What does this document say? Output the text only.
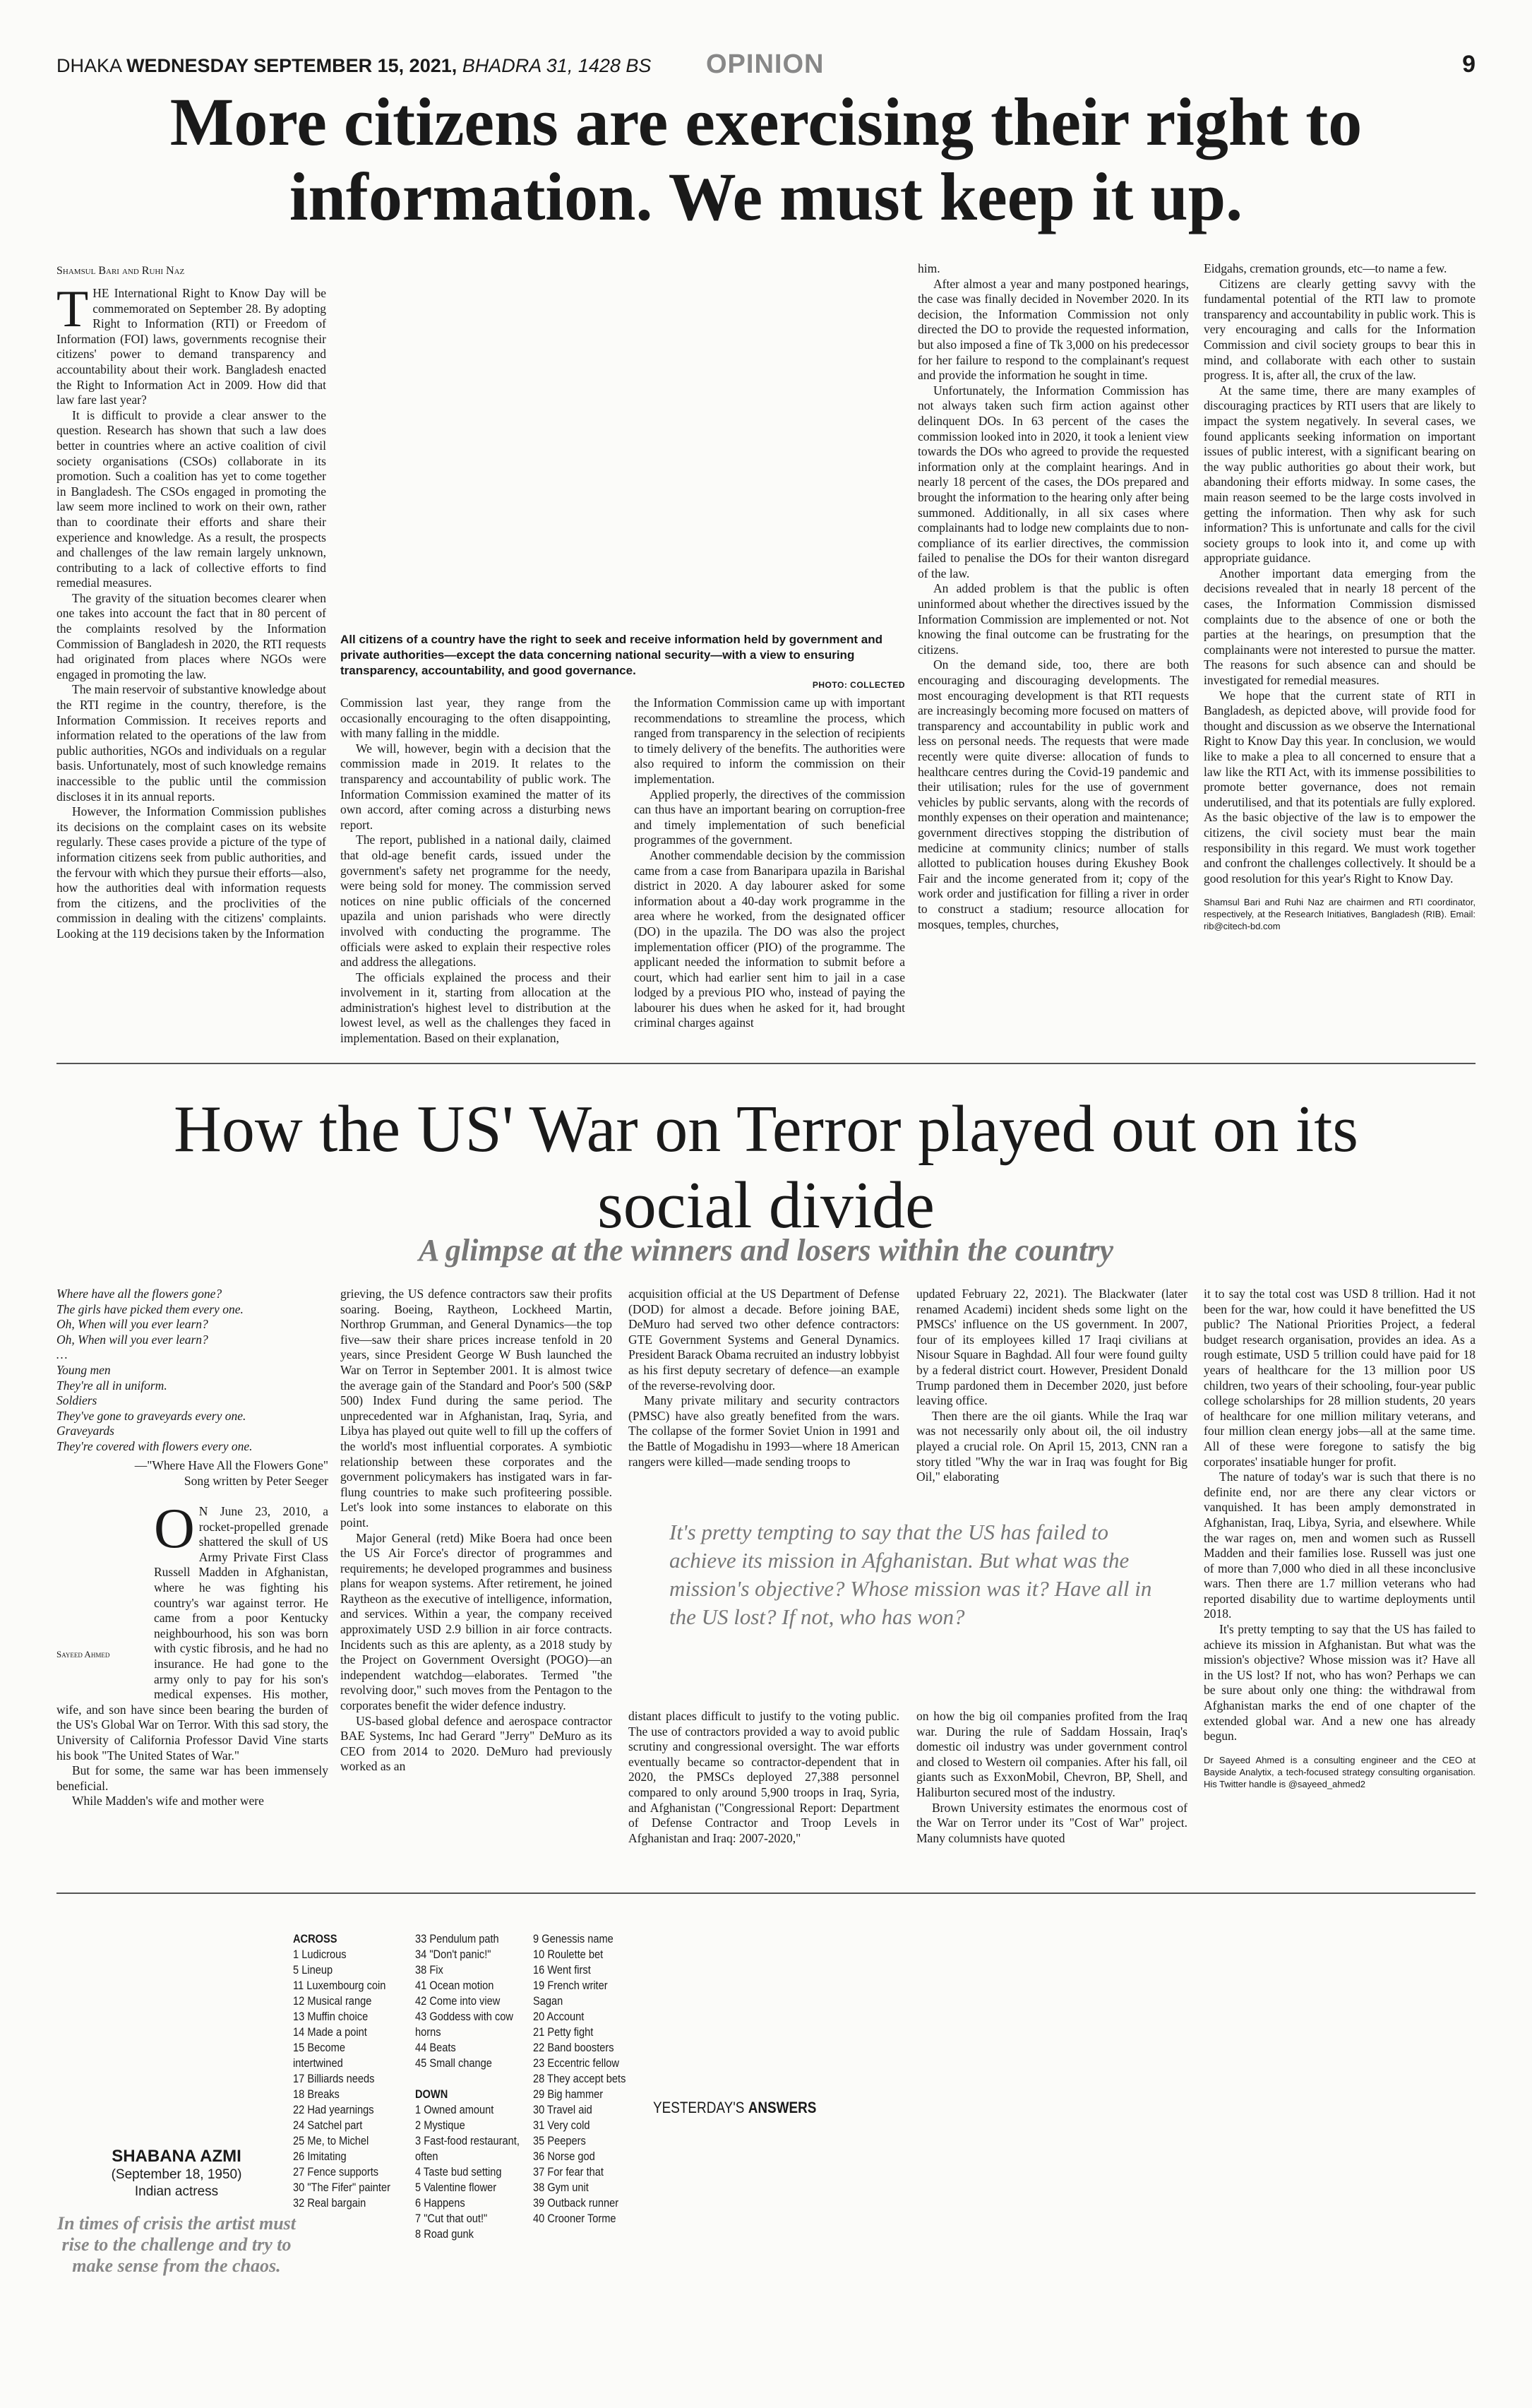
DHAKA WEDNESDAY SEPTEMBER 15, 2021, BHADRA 31, 1428 BS OPINION	9
More citizens are exercising their right to information. We must keep it up.
Shamsul Bari and Ruhi Naz

THE International Right to Know Day will be commemorated on September 28. By adopting Right to Information (RTI) or Freedom of Information (FOI) laws, governments recognise their citizens' power to demand transparency and accountability about their work. Bangladesh enacted the Right to Information Act in 2009. How did that law fare last year?

It is difficult to provide a clear answer to the question. Research has shown that such a law does better in countries where an active coalition of civil society organisations (CSOs) collaborate in its promotion. Such a coalition has yet to come together in Bangladesh. The CSOs engaged in promoting the law seem more inclined to work on their own, rather than to coordinate their efforts and share their experience and knowledge. As a result, the prospects and challenges of the law remain largely unknown, contributing to a lack of collective efforts to find remedial measures.

The gravity of the situation becomes clearer when one takes into account the fact that in 80 percent of the complaints resolved by the Information Commission of Bangladesh in 2020, the RTI requests had originated from places where NGOs were engaged in promoting the law.

The main reservoir of substantive knowledge about the RTI regime in the country, therefore, is the Information Commission. It receives reports and information related to the operations of the law from public authorities, NGOs and individuals on a regular basis. Unfortunately, most of such knowledge remains inaccessible to the public until the commission discloses it in its annual reports.

However, the Information Commission publishes its decisions on the complaint cases on its website regularly. These cases provide a picture of the type of information citizens seek from public authorities, and the fervour with which they pursue their efforts—also, how the authorities deal with information requests from the citizens, and the proclivities of the commission in dealing with the citizens' complaints. Looking at the 119 decisions taken by the Information

All citizens of a country have the right to seek and receive information held by government and private authorities—except the data concerning national security—with a view to ensuring transparency, accountability, and good governance.
PHOTO: COLLECTED

Commission last year, they range from the occasionally encouraging to the often disappointing, with many falling in the middle.

We will, however, begin with a decision that the commission made in 2019. It relates to the transparency and accountability of public work. The Information Commission examined the matter of its own accord, after coming across a disturbing news report.

The report, published in a national daily, claimed that old-age benefit cards, issued under the government's safety net programme for the needy, were being sold for money. The commission served notices on nine public officials of the concerned upazila and union parishads who were directly involved with conducting the programme. The officials were asked to explain their respective roles and address the allegations.

The officials explained the process and their involvement in it, starting from allocation at the administration's highest level to distribution at the lowest level, as well as the challenges they faced in implementation. Based on their explanation,

the Information Commission came up with important recommendations to streamline the process, which ranged from transparency in the selection of recipients to timely delivery of the benefits. The authorities were also required to inform the commission on their implementation.

Applied properly, the directives of the commission can thus have an important bearing on corruption-free and timely implementation of such beneficial programmes of the government.

Another commendable decision by the commission came from a case from Banaripara upazila in Barishal district in 2020. A day labourer asked for some information about a 40-day work programme in the area where he worked, from the designated officer (DO) in the upazila. The DO was also the project implementation officer (PIO) of the programme. The applicant needed the information to submit before a court, which had earlier sent him to jail in a case lodged by a previous PIO who, instead of paying the labourer his dues when he asked for it, had brought criminal charges against

him.

After almost a year and many postponed hearings, the case was finally decided in November 2020. In its decision, the Information Commission not only directed the DO to provide the requested information, but also imposed a fine of Tk 3,000 on his predecessor for her failure to respond to the complainant's request and provide the information he sought in time.

Unfortunately, the Information Commission has not always taken such firm action against other delinquent DOs. In 63 percent of the cases the commission looked into in 2020, it took a lenient view towards the DOs who agreed to provide the requested information only at the complaint hearings. And in nearly 18 percent of the cases, the DOs prepared and brought the information to the hearing only after being summoned. Additionally, in all six cases where complainants had to lodge new complaints due to non-compliance of its earlier directives, the commission failed to penalise the DOs for their wanton disregard of the law.

An added problem is that the public is often uninformed about whether the directives issued by the Information Commission are implemented or not. Not knowing the final outcome can be frustrating for the citizens.

On the demand side, too, there are both encouraging and discouraging developments. The most encouraging development is that RTI requests are increasingly becoming more focused on matters of transparency and accountability in public work and less on personal needs. The requests that were made recently were quite diverse: allocation of funds to healthcare centres during the Covid-19 pandemic and their utilisation; rules for the use of government vehicles by public servants, along with the records of monthly expenses on their operation and maintenance; government directives stopping the distribution of medicine at community clinics; number of stalls allotted to publication houses during Ekushey Book Fair and the income generated from it; copy of the work order and justification for filling a river in order to construct a stadium; resource allocation for mosques, temples, churches,

Eidgahs, cremation grounds, etc—to name a few.

Citizens are clearly getting savvy with the fundamental potential of the RTI law to promote transparency and accountability in public work. This is very encouraging and calls for the Information Commission and civil society groups to bear this in mind, and collaborate with each other to sustain progress. It is, after all, the crux of the law.

At the same time, there are many examples of discouraging practices by RTI users that are likely to impact the system negatively. In several cases, we found applicants seeking information on important issues of public interest, with a significant bearing on the way public authorities go about their work, but abandoning their efforts midway. In some cases, the main reason seemed to be the large costs involved in getting the information. Then why ask for such information? This is unfortunate and calls for the civil society groups to look into it, and come up with appropriate guidance.

Another important data emerging from the decisions revealed that in nearly 18 percent of the cases, the Information Commission dismissed complaints due to the absence of one or both the parties at the hearings, on presumption that the complainants were not interested to pursue the matter. The reasons for such absence can and should be investigated for remedial measures.

We hope that the current state of RTI in Bangladesh, as depicted above, will provide food for thought and discussion as we observe the International Right to Know Day this year. In conclusion, we would like to make a plea to all concerned to ensure that a law like the RTI Act, with its immense possibilities to promote better governance, does not remain underutilised, and that its potentials are fully explored. As the basic objective of the law is to empower the citizens, the civil society must bear the main responsibility in this regard. We must work together and confront the challenges collectively. It should be a good resolution for this year's Right to Know Day.

Shamsul Bari and Ruhi Naz are chairmen and RTI coordinator, respectively, at the Research Initiatives, Bangladesh (RIB). Email: rib@citech-bd.com
How the US' War on Terror played out on its social divide
A glimpse at the winners and losers within the country
Where have all the flowers gone?
The girls have picked them every one.
Oh, When will you ever learn?
Oh, When will you ever learn?
…
Young men
They're all in uniform.
Soldiers
They've gone to graveyards every one.
Graveyards
They're covered with flowers every one.
—"Where Have All the Flowers Gone"
Song written by Peter Seeger
Sayeed Ahmed

O N June 23, 2010, a rocket-propelled grenade shattered the skull of US Army Private First Class Russell Madden in Afghanistan, where he was fighting his country's war against terror. He came from a poor Kentucky neighbourhood, his son was born with cystic fibrosis, and he had no insurance. He had gone to the army only to pay for his son's medical expenses. His mother, wife, and son have since been bearing the burden of the US's Global War on Terror. With this sad story, the University of California Professor David Vine starts his book "The United States of War."

But for some, the same war has been immensely beneficial.

While Madden's wife and mother were

grieving, the US defence contractors saw their profits soaring. Boeing, Raytheon, Lockheed Martin, Northrop Grumman, and General Dynamics—the top five—saw their share prices increase tenfold in 20 years, since President George W Bush launched the War on Terror in September 2001. It is almost twice the average gain of the Standard and Poor's 500 (S&P 500) Index Fund during the same period. The unprecedented war in Afghanistan, Iraq, Syria, and Libya has played out quite well to fill up the coffers of the world's most influential corporates. A symbiotic relationship between these corporates and the government policymakers has instigated wars in far-flung countries to make such profiteering possible. Let's look into some instances to elaborate on this point.

Major General (retd) Mike Boera had once been the US Air Force's director of programmes and requirements; he developed programmes and business plans for weapon systems. After retirement, he joined Raytheon as the executive of intelligence, information, and services. Within a year, the company received approximately USD 2.9 billion in air force contracts. Incidents such as this are aplenty, as a 2018 study by the Project on Government Oversight (POGO)—an independent watchdog—elaborates. Termed "the revolving door," such moves from the Pentagon to the corporates benefit the wider defence industry.

US-based global defence and aerospace contractor BAE Systems, Inc had Gerard "Jerry" DeMuro as its CEO from 2014 to 2020. DeMuro had previously worked as an

acquisition official at the US Department of Defense (DOD) for almost a decade. Before joining BAE, DeMuro had served two other defence contractors: GTE Government Systems and General Dynamics. President Barack Obama recruited an industry lobbyist as his first deputy secretary of defence—an example of the reverse-revolving door.

Many private military and security contractors (PMSC) have also greatly benefited from the wars. The collapse of the former Soviet Union in 1991 and the Battle of Mogadishu in 1993—where 18 American rangers were killed—made sending troops to

updated February 22, 2021). The Blackwater (later renamed Academi) incident sheds some light on the PMSCs' influence on the US government. In 2007, four of its employees killed 17 Iraqi civilians at Nisour Square in Baghdad. All four were found guilty by a federal district court. However, President Donald Trump pardoned them in December 2020, just before leaving office.

Then there are the oil giants. While the Iraq war was not necessarily only about oil, the oil industry played a crucial role. On April 15, 2013, CNN ran a story titled "Why the war in Iraq was fought for Big Oil," elaborating

It's pretty tempting to say that the US has failed to achieve its mission in Afghanistan. But what was the mission's objective? Whose mission was it? Have all in the US lost? If not, who has won?

distant places difficult to justify to the voting public. The use of contractors provided a way to avoid public scrutiny and congressional oversight. The war efforts eventually became so contractor-dependent that in 2020, the PMSCs deployed 27,388 personnel compared to only around 5,900 troops in Iraq, Syria, and Afghanistan ("Congressional Report: Department of Defense Contractor and Troop Levels in Afghanistan and Iraq: 2007-2020,"

on how the big oil companies profited from the Iraq war. During the rule of Saddam Hossain, Iraq's domestic oil industry was under government control and closed to Western oil companies. After his fall, oil giants such as ExxonMobil, Chevron, BP, Shell, and Haliburton secured most of the industry.

Brown University estimates the enormous cost of the War on Terror under its "Cost of War" project. Many columnists have quoted

it to say the total cost was USD 8 trillion. Had it not been for the war, how could it have benefitted the US public? The National Priorities Project, a federal budget research organisation, provides an idea. As a rough estimate, USD 5 trillion could have paid for 18 years of healthcare for the 13 million poor US children, two years of their schooling, four-year public college scholarships for 28 million students, 20 years of healthcare for one million military veterans, and four million clean energy jobs—all at the same time. All of these were foregone to satisfy the big corporates' insatiable hunger for profit.

The nature of today's war is such that there is no definite end, nor are there any clear victors or vanquished. It has been amply demonstrated in Afghanistan, Iraq, Libya, Syria, and elsewhere. While the war rages on, men and women such as Russell Madden and their families lose. Russell was just one of more than 7,000 who died in all these inconclusive wars. Then there are 1.7 million veterans who had reported disability due to wartime deployments until 2018.

It's pretty tempting to say that the US has failed to achieve its mission in Afghanistan. But what was the mission's objective? Whose mission was it? Have all in the US lost? If not, who has won? Perhaps we can be sure about only one thing: the withdrawal from Afghanistan marks the end of one chapter of the extended global war. And a new one has already begun.

Dr Sayeed Ahmed is a consulting engineer and the CEO at Bayside Analytix, a tech-focused strategy consulting organisation. His Twitter handle is @sayeed_ahmed2
SHABANA AZMI
(September 18, 1950)
Indian actress
In times of crisis the artist must rise to the challenge and try to make sense from the chaos.
ACROSS
1 Ludicrous
5 Lineup
11 Luxembourg coin
12 Musical range
13 Muffin choice
14 Made a point
15 Become intertwined
17 Billiards needs
18 Breaks
22 Had yearnings
24 Satchel part
25 Me, to Michel
26 Imitating
27 Fence supports
30 "The Fifer" painter
32 Real bargain
33 Pendulum path
34 "Don't panic!"
38 Fix
41 Ocean motion
42 Come into view
43 Goddess with cow horns
44 Beats
45 Small change
DOWN
1 Owned amount
2 Mystique
3 Fast-food restaurant, often
4 Taste bud setting
5 Valentine flower
6 Happens
7 "Cut that out!"
8 Road gunk
9 Genessis name
10 Roulette bet
16 Went first
19 French writer Sagan
20 Account
21 Petty fight
22 Band boosters
23 Eccentric fellow
28 They accept bets
29 Big hammer
30 Travel aid
31 Very cold
35 Peepers
36 Norse god
37 For fear that
38 Gym unit
39 Outback runner
40 Crooner Torme
YESTERDAY'S ANSWERS
